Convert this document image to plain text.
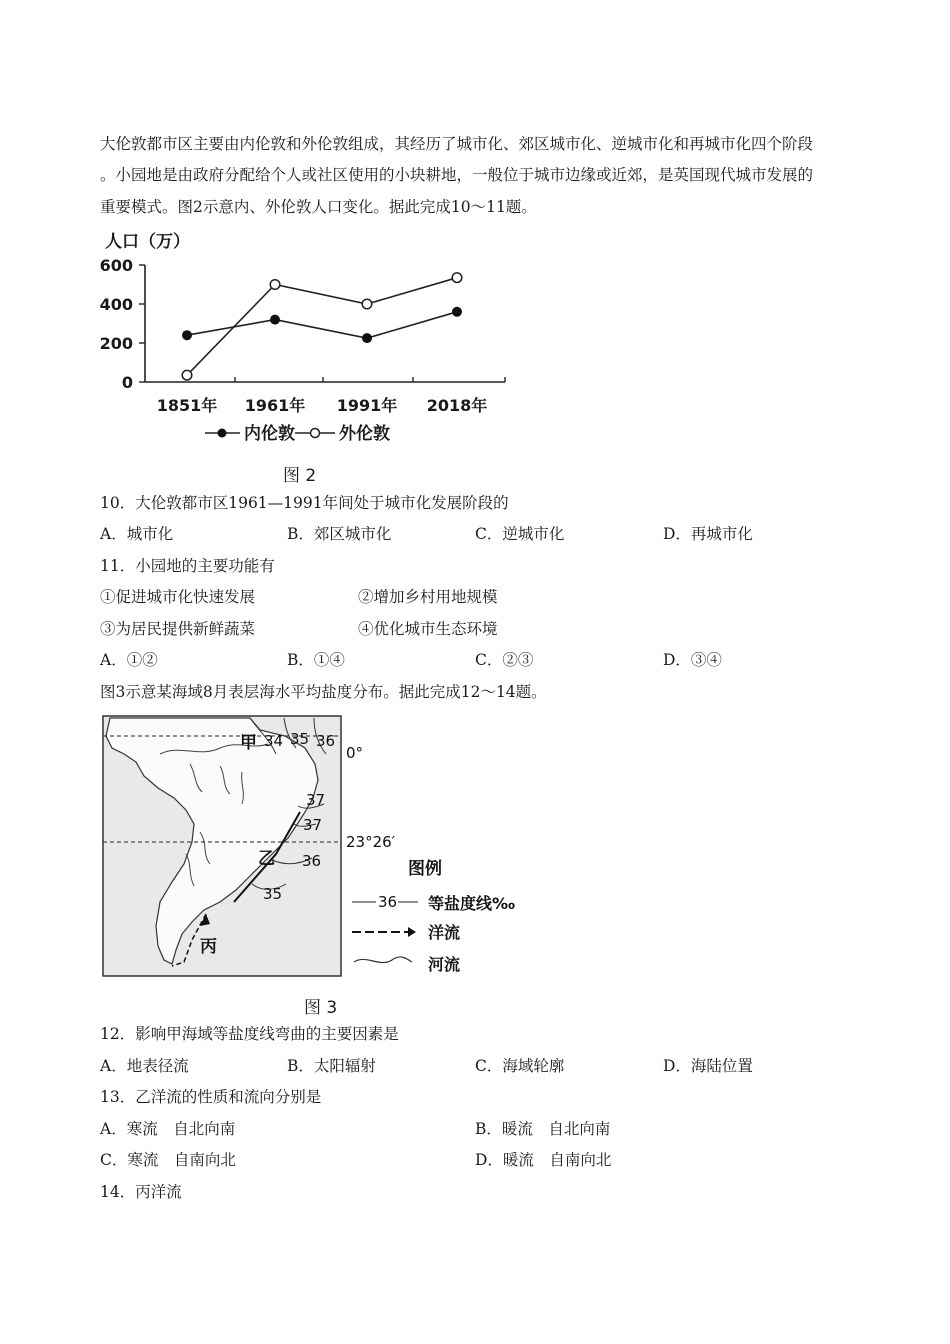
大伦敦都市区主要由内伦敦和外伦敦组成，其经历了城市化、郊区城市化、逆城市化和再城市化四个阶段
。小园地是由政府分配给个人或社区使用的小块耕地，一般位于城市边缘或近郊，是英国现代城市发展的
重要模式。图2示意内、外伦敦人口变化。据此完成10～11题。
人口（万）
600
400
200
0
1851年 1961年 1991年 2018年
内伦敦	外伦敦
图 2
10．大伦敦都市区1961—1991年间处于城市化发展阶段的
A．城市化	B．郊区城市化	C．逆城市化	D．再城市化
11．小园地的主要功能有
①促进城市化快速发展	②增加乡村用地规模
③为居民提供新鲜蔬菜	④优化城市生态环境
A．①②	B．①④	C．②③	D．③④
图3示意某海域8月表层海水平均盐度分布。据此完成12～14题。
甲 34 35 36
0°
37
37
23°26′
乙 36
35
丙
图例
36 等盐度线‰
洋流
河流
图 3
12．影响甲海域等盐度线弯曲的主要因素是
A．地表径流	B．太阳辐射	C．海域轮廓	D．海陆位置
13．乙洋流的性质和流向分别是
A．寒流　自北向南	B．暖流　自北向南
C．寒流　自南向北	D．暖流　自南向北
14．丙洋流
